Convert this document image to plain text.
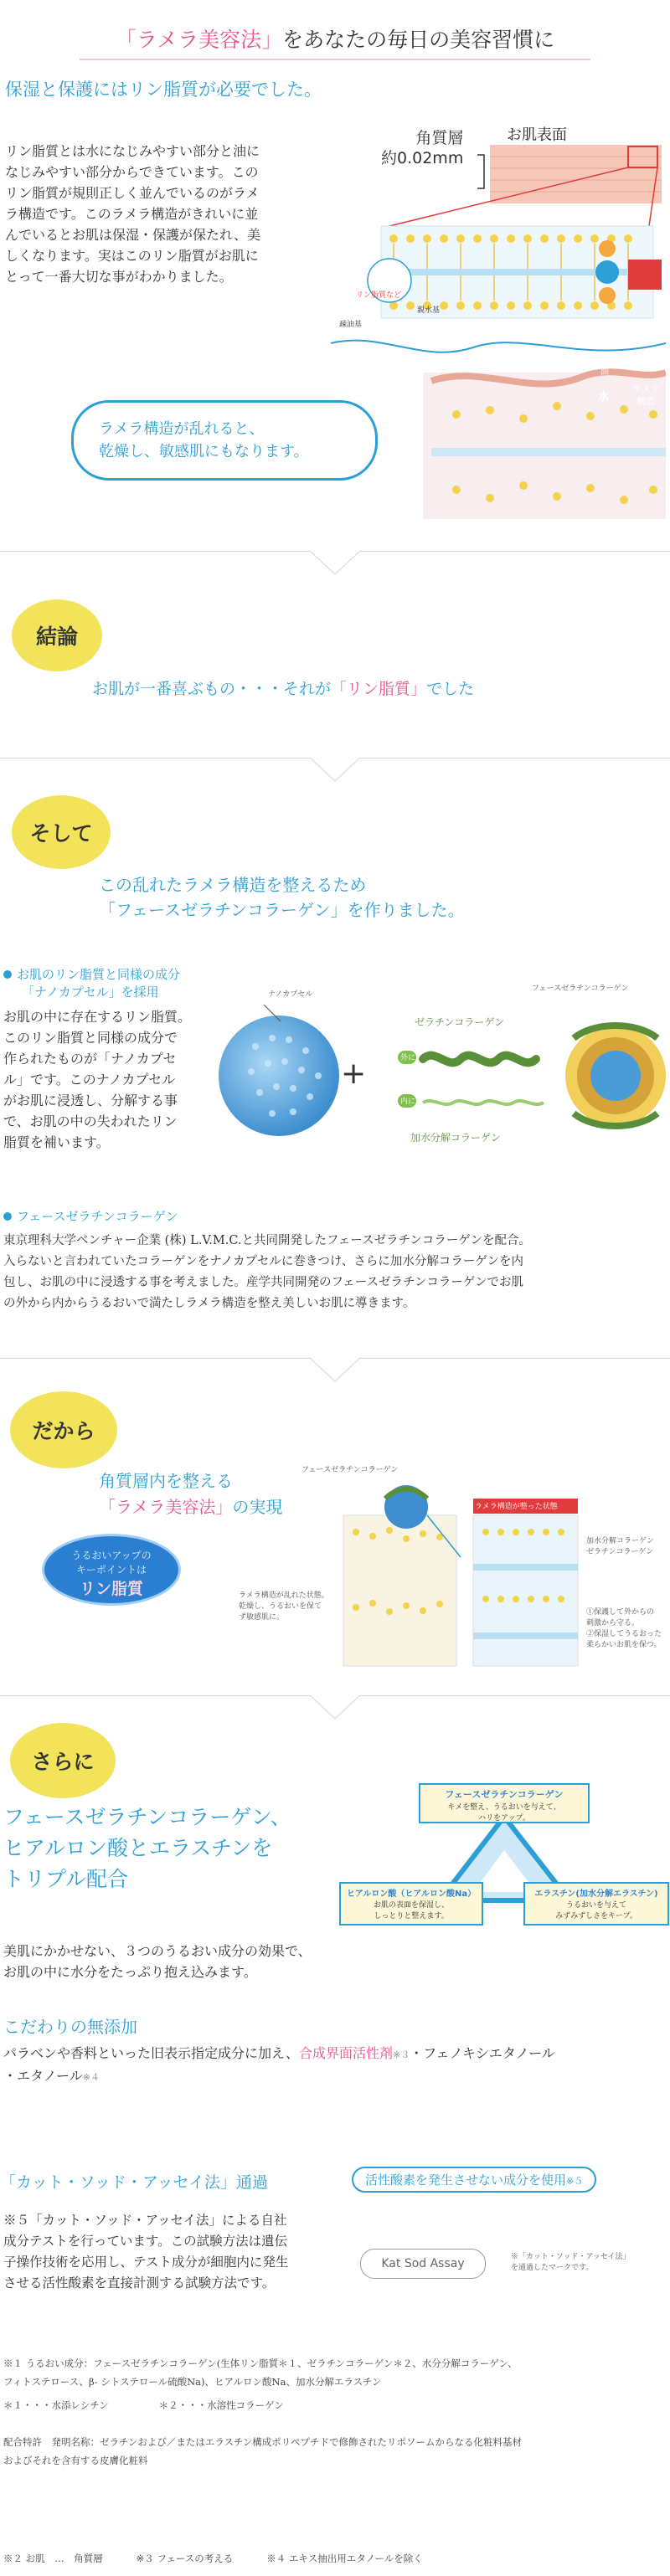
「ラメラ美容法」をあなたの毎日の美容習慣に
保湿と保護にはリン脂質が必要でした。
リン脂質とは水になじみやすい部分と油に
なじみやすい部分からできています。この
リン脂質が規則正しく並んでいるのがラメ
ラ構造です。このラメラ構造がきれいに並
んでいるとお肌は保湿・保護が保たれ、美
しくなります。実はこのリン脂質がお肌に
とって一番大切な事がわかりました。
角質層
約0.02mm
お肌表面
リン脂質など
親水基
疎油基
水
油
ラメラ
構造
ラメラ構造が乱れると、
乾燥し、敏感肌にもなります。
結論
お肌が一番喜ぶもの・・・それが「リン脂質」でした
そして
この乱れたラメラ構造を整えるため
「フェースゼラチンコラーゲン」を作りました。
お肌のリン脂質と同様の成分
「ナノカプセル」を採用
お肌の中に存在するリン脂質。
このリン脂質と同様の成分で
作られたものが「ナノカプセ
ル」です。このナノカプセル
がお肌に浸透し、分解する事
で、お肌の中の失われたリン
脂質を補います。
ナノカプセル
+
ゼラチンコラーゲン
加水分解コラーゲン
外に
内に
フェースゼラチンコラーゲン
フェースゼラチンコラーゲン
東京理科大学ベンチャー企業 (株) L.V.M.C.と共同開発したフェースゼラチンコラーゲンを配合。
入らないと言われていたコラーゲンをナノカプセルに巻きつけ、さらに加水分解コラーゲンを内
包し、お肌の中に浸透する事を考えました。産学共同開発のフェースゼラチンコラーゲンでお肌
の外から内からうるおいで満たしラメラ構造を整え美しいお肌に導きます。
だから
角質層内を整える
「ラメラ美容法」の実現
うるおいアップの
キーポイントは
リン脂質
フェースゼラチンコラーゲン
ラメラ構造が整った状態
ラメラ構造が乱れた状態。
乾燥し、うるおいを保て
ず敏感肌に。
加水分解コラーゲン
ゼラチンコラーゲン
①保護して外からの
刺激から守る。
②保湿してうるおった
柔らかいお肌を保つ。
さらに
フェースゼラチンコラーゲン、
ヒアルロン酸とエラスチンを
トリプル配合
フェースゼラチンコラーゲン
キメを整え、うるおいを与えて、
ハリをアップ。
ヒアルロン酸（ヒアルロン酸Na）
お肌の表面を保湿し、
しっとりと整えます。
エラスチン(加水分解エラスチン)
うるおいを与えて
みずみずしさをキープ。
美肌にかかせない、３つのうるおい成分の効果で、
お肌の中に水分をたっぷり抱え込みます。
こだわりの無添加
パラベンや香料といった旧表示指定成分に加え、合成界面活性剤※３・フェノキシエタノール
・エタノール※４
「カット・ソッド・アッセイ法」通過	活性酸素を発生させない成分を使用※５
※５「カット・ソッド・アッセイ法」による自社
成分テストを行っています。この試験方法は遺伝
子操作技術を応用し、テスト成分が細胞内に発生
させる活性酸素を直接計測する試験方法です。
Kat Sod Assay	※「カット・ソッド・アッセイ法」
を通過したマークです。
※１ うるおい成分：フェースゼラチンコラーゲン(生体リン脂質＊１、ゼラチンコラーゲン＊２、水分分解コラーゲン、
フィトステロース、β- シトステロール硫酸Na)、ヒアルロン酸Na、加水分解エラスチン
＊１・・・水添レシチン	＊２・・・水溶性コラーゲン
配合特許　発明名称：ゼラチンおよび／またはエラスチン構成ポリペプチドで修飾されたリポソームからなる化粧料基材
およびそれを含有する皮膚化粧料
※２ お肌　…　角質層	※３ フェースの考える	※４ エキス抽出用エタノールを除く
